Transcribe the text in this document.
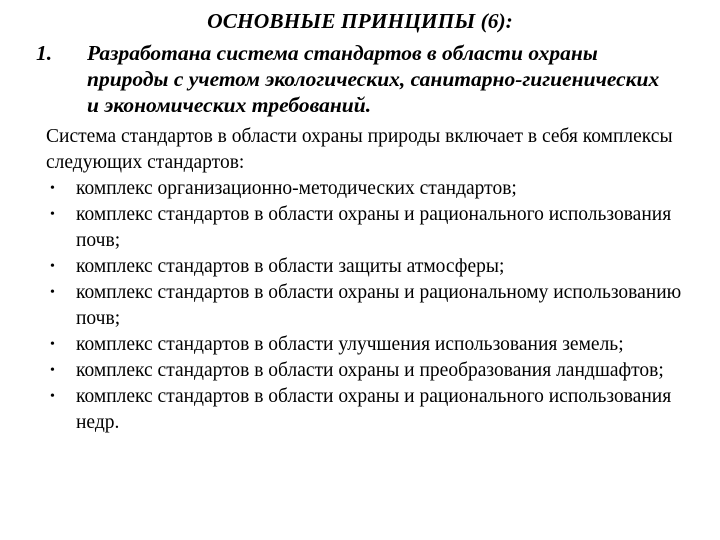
ОСНОВНЫЕ ПРИНЦИПЫ (6):
1.	Разработана система стандартов в области охраны природы с учетом экологических, санитарно-гигиенических и экономических требований.
Система стандартов в области охраны природы включает в себя комплексы следующих стандартов:
• комплекс организационно-методических стандартов;
• комплекс стандартов в области охраны и рационального использования почв;
• комплекс стандартов в области защиты атмосферы;
• комплекс стандартов в области охраны и рациональному использованию почв;
• комплекс стандартов в области улучшения использования земель;
• комплекс стандартов в области охраны и преобразования ландшафтов;
• комплекс стандартов в области охраны и рационального использования недр.
